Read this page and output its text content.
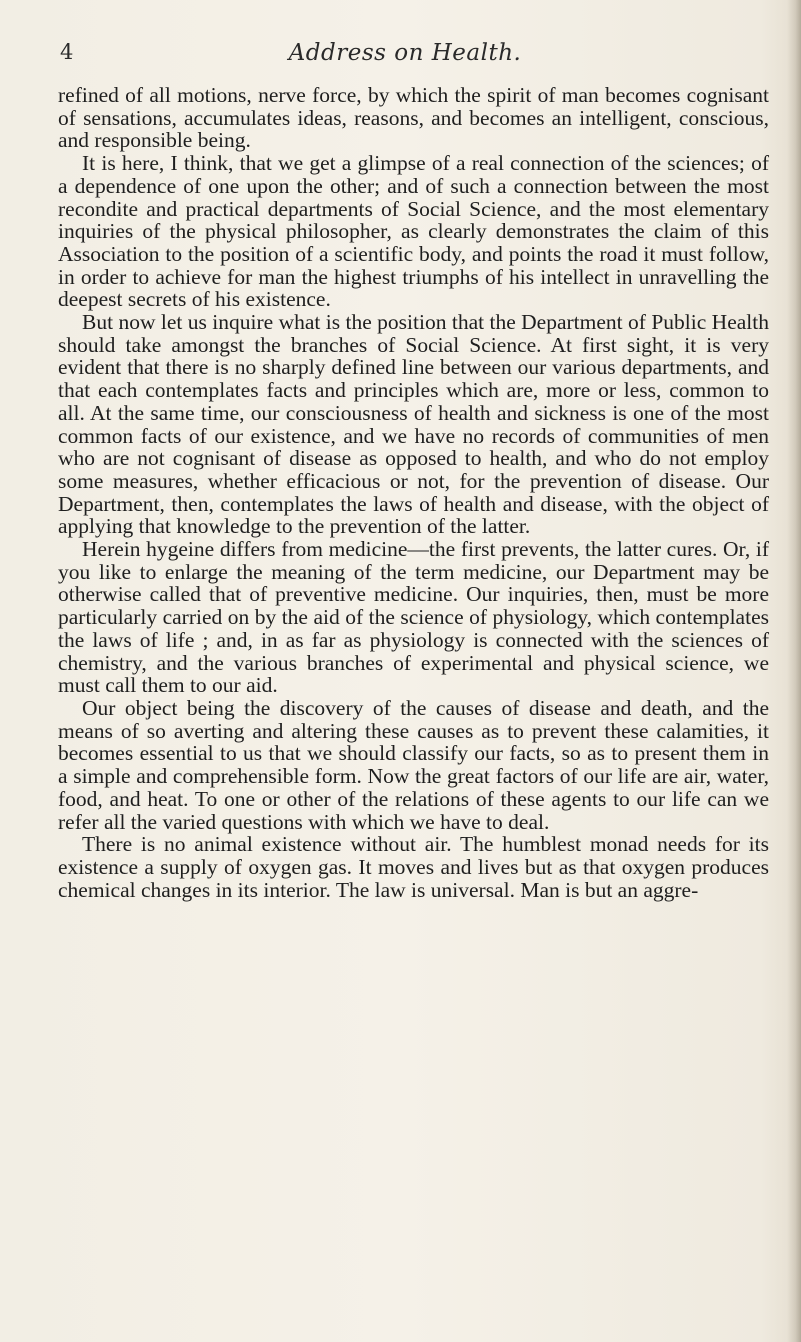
4	Address on Health.

refined of all motions, nerve force, by which the spirit of man becomes cognisant of sensations, accumulates ideas, reasons, and becomes an intelligent, conscious, and responsible being.

It is here, I think, that we get a glimpse of a real connection of the sciences; of a dependence of one upon the other; and of such a connection between the most recondite and practical departments of Social Science, and the most elementary inquiries of the physical philosopher, as clearly demonstrates the claim of this Association to the position of a scientific body, and points the road it must follow, in order to achieve for man the highest triumphs of his intellect in unravelling the deepest secrets of his existence.

But now let us inquire what is the position that the Department of Public Health should take amongst the branches of Social Science. At first sight, it is very evident that there is no sharply defined line between our various departments, and that each contemplates facts and principles which are, more or less, common to all. At the same time, our consciousness of health and sickness is one of the most common facts of our existence, and we have no records of communities of men who are not cognisant of disease as opposed to health, and who do not employ some measures, whether efficacious or not, for the prevention of disease. Our Department, then, contemplates the laws of health and disease, with the object of applying that knowledge to the prevention of the latter.

Herein hygeine differs from medicine—the first prevents, the latter cures. Or, if you like to enlarge the meaning of the term medicine, our Department may be otherwise called that of preventive medicine. Our inquiries, then, must be more particularly carried on by the aid of the science of physiology, which contemplates the laws of life ; and, in as far as physiology is connected with the sciences of chemistry, and the various branches of experimental and physical science, we must call them to our aid.

Our object being the discovery of the causes of disease and death, and the means of so averting and altering these causes as to prevent these calamities, it becomes essential to us that we should classify our facts, so as to present them in a simple and comprehensible form. Now the great factors of our life are air, water, food, and heat. To one or other of the relations of these agents to our life can we refer all the varied questions with which we have to deal.

There is no animal existence without air. The humblest monad needs for its existence a supply of oxygen gas. It moves and lives but as that oxygen produces chemical changes in its interior. The law is universal. Man is but an aggre-
